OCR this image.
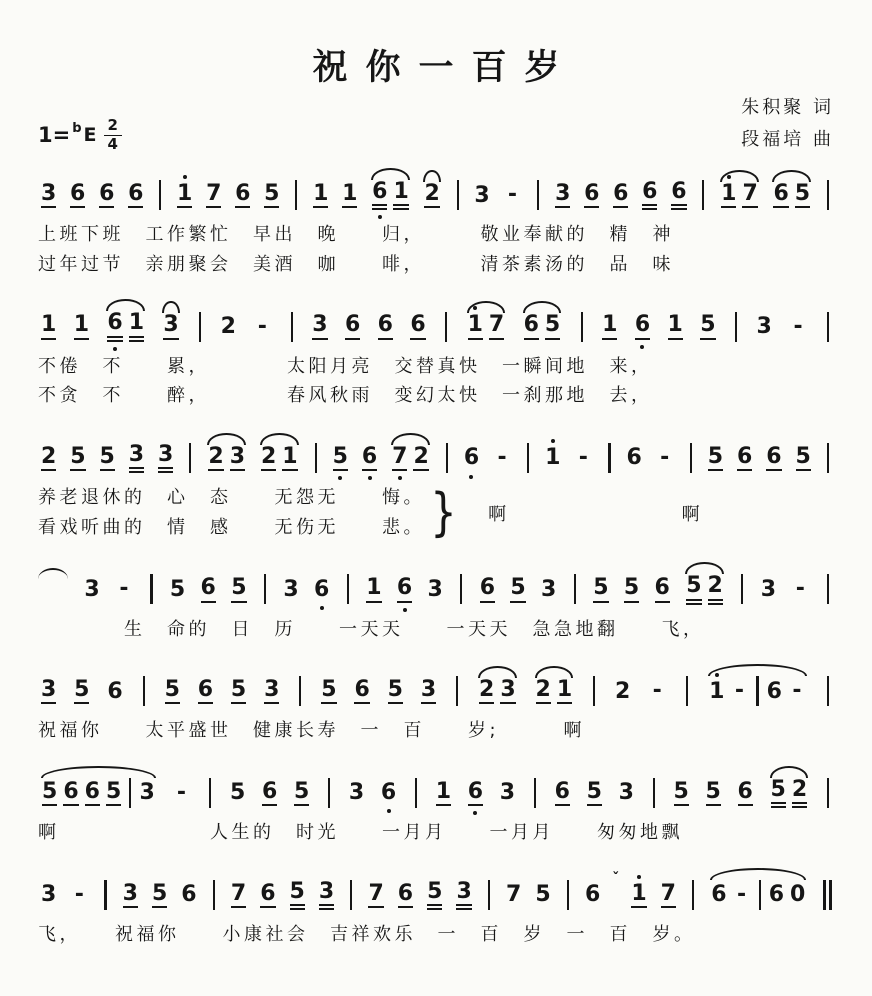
祝你一百岁
1= b E $\frac{2}{4}$
朱积聚 词
段福培 曲
3 6 6 6 1 7 6 5 1 1 6 1 2 3 - 3 6 6 6 6 1 7 6 5
上班下班　工作繁忙　早出　晚　　归，　　　敬业奉献的　精　神
过年过节　亲朋聚会　美酒　咖　　啡，　　　清茶素汤的　品　味
1 1 6 1 3 2 - 3 6 6 6 1 7 6 5 1 6 1 5 3 -
不倦　不　　累，　　　　太阳月亮　交替真快　一瞬间地　来，
不贪　不　　醉，　　　　春风秋雨　变幻太快　一刹那地　去，
2 5 5 3 3 2 3 2 1 5 6 7 2 6 - 1 - 6 - 5 6 6 5
养老退休的　心　态　　无怨无　　悔。
看戏听曲的　情　感　　无伤无　　悲。 } 啊　　　　　　　　啊
3 - 5 6 5 3 6 1 6 3 6 5 3 5 5 6 5 2 3 -
　　　　生　命的　日　历　　一天天　　一天天　急急地翻　　飞，
3 5 6 5 6 5 3 5 6 5 3 2 3 2 1 2 - 1 - 6 -
祝福你　　太平盛世　健康长寿　一　百　　岁;　　　啊
5 6 6 5 3 - 5 6 5 3 6 1 6 3 6 5 3 5 5 6 5 2
啊　　　　　　　人生的　时光　　一月月　　一月月　　匆匆地飘
3 - 3 5 6 7 6 5 3 7 6 5 3 7 5 6
ˇ
1 7 6 - 6 0
飞，　　祝福你　　小康社会　吉祥欢乐　一　百　岁　一　百　岁。
